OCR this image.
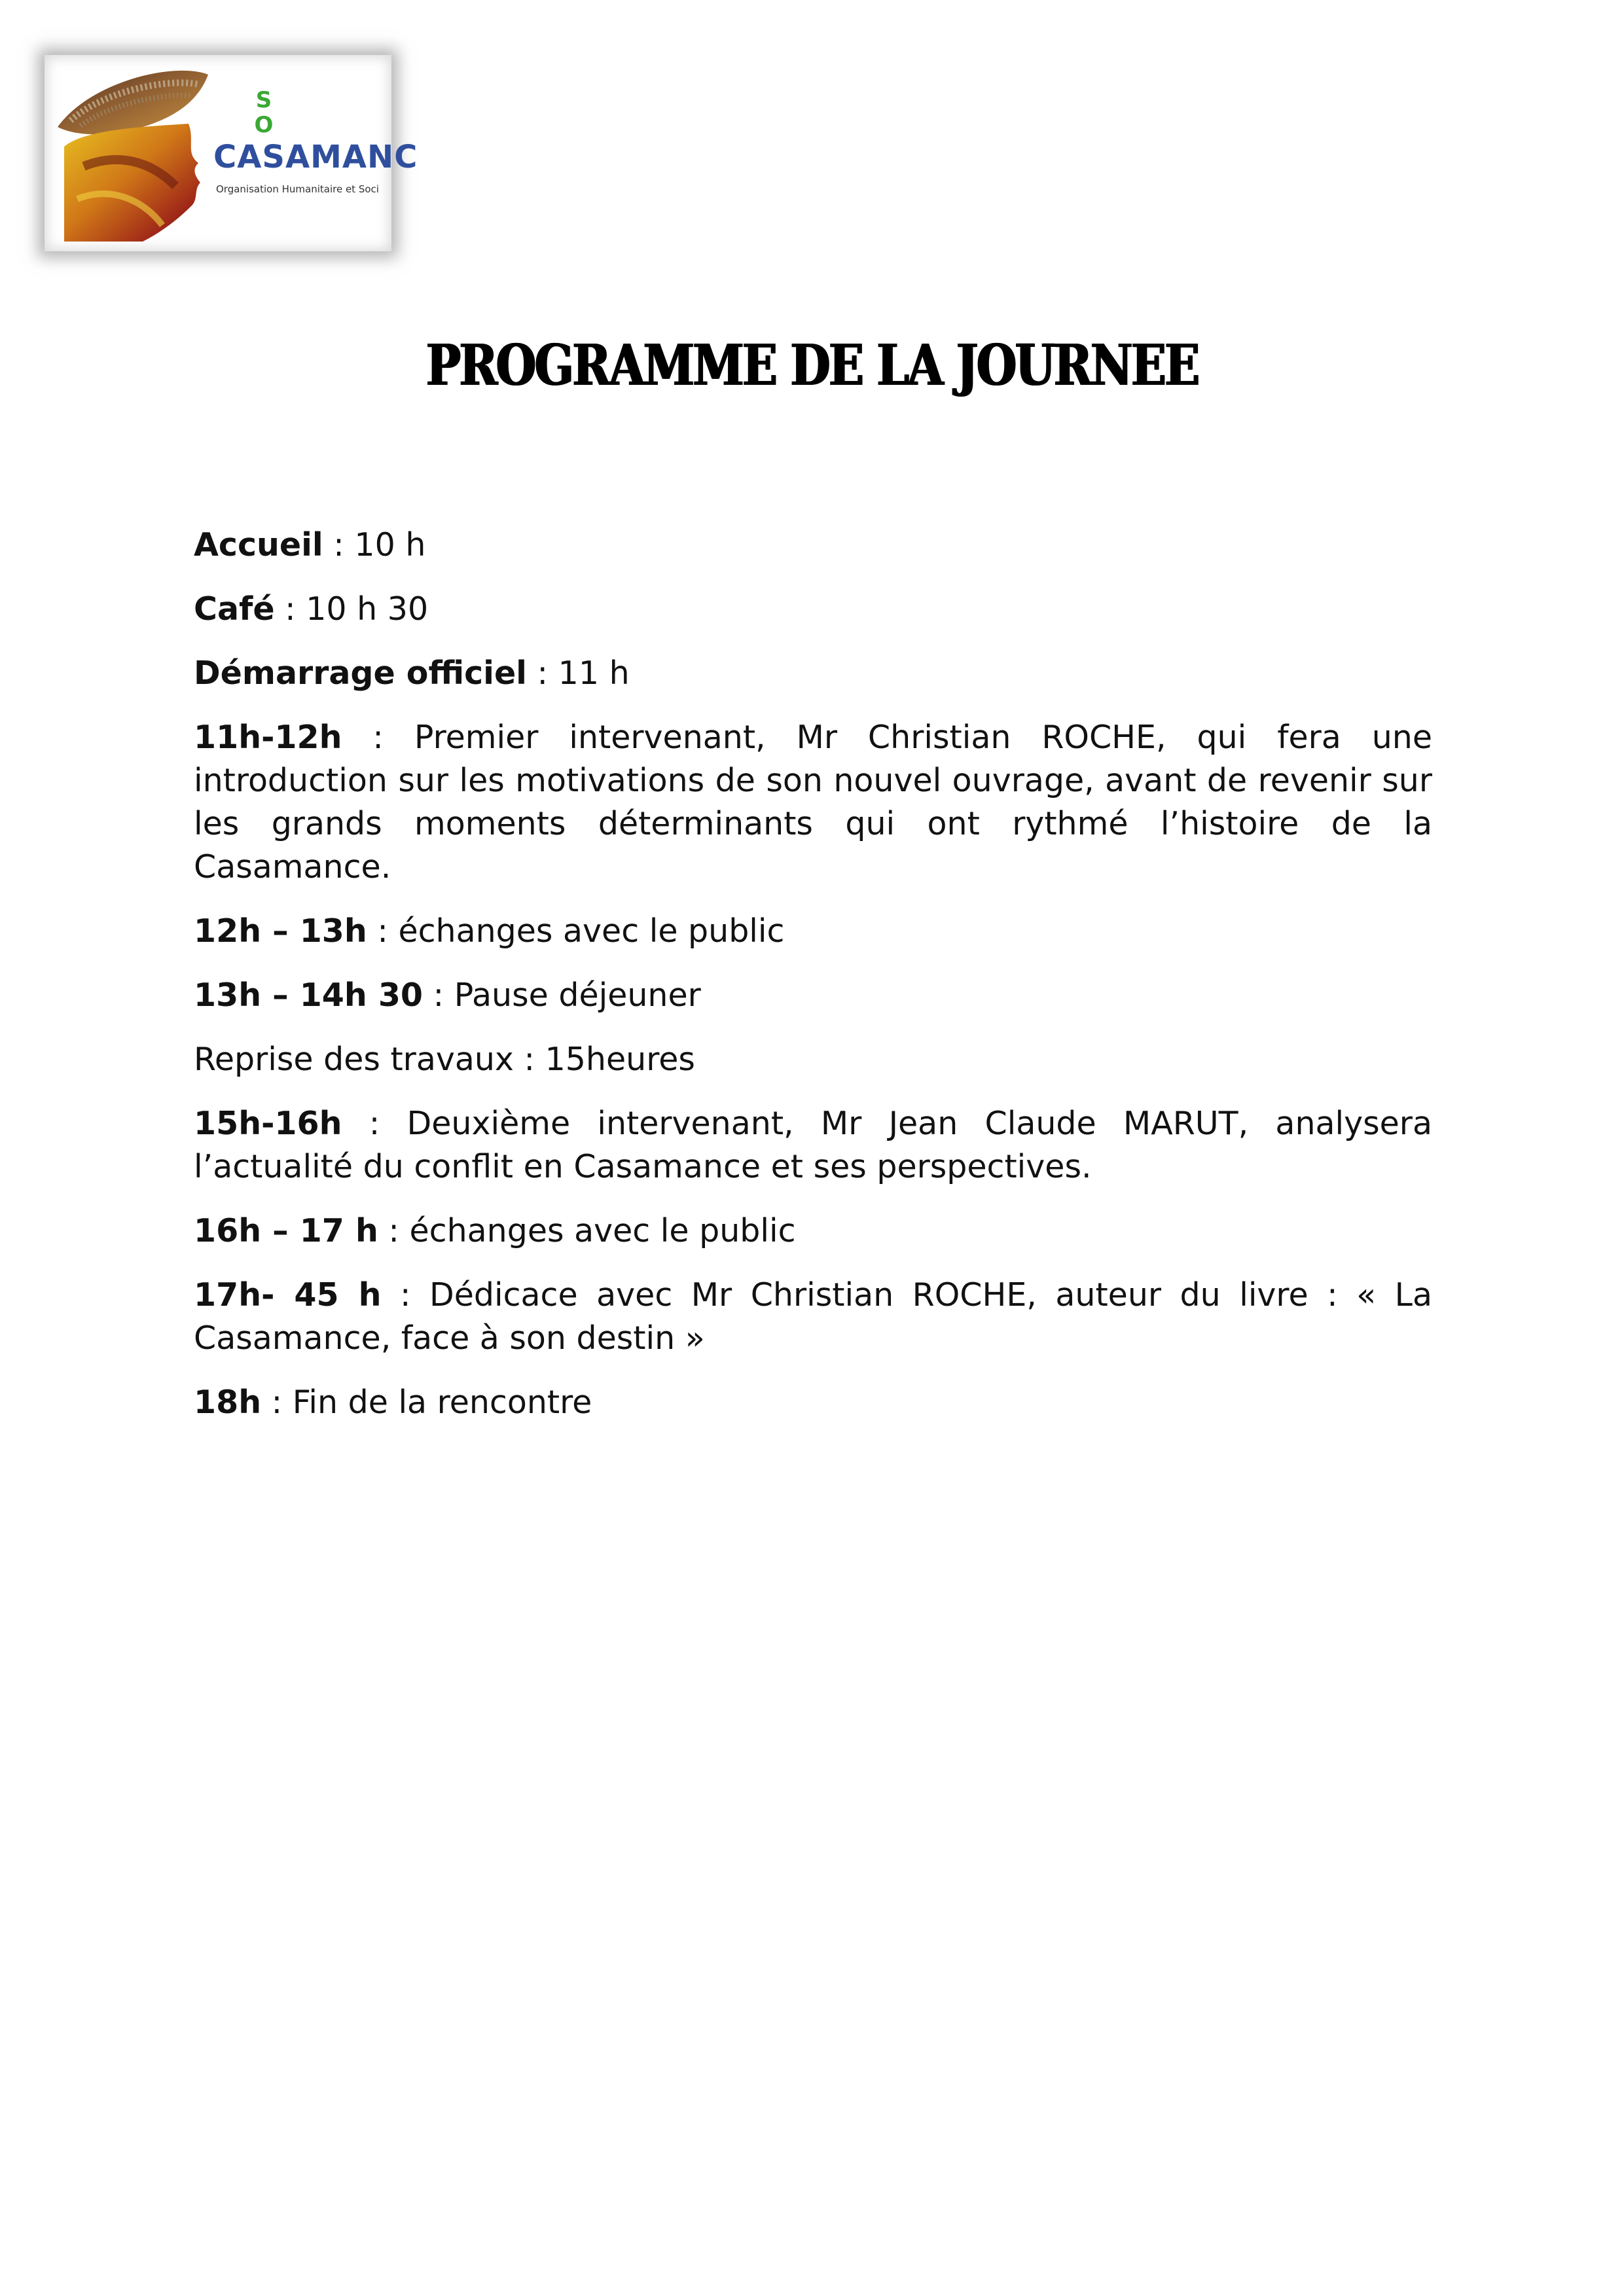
S
O
CASAMANC
Organisation Humanitaire et Soci
PROGRAMME DE LA JOURNEE

Accueil : 10 h

Café : 10 h 30

Démarrage officiel : 11 h

11h-12h : Premier intervenant, Mr Christian ROCHE, qui fera une introduction sur les motivations de son nouvel ouvrage, avant de revenir sur les grands moments déterminants qui ont rythmé l’histoire de la Casamance.

12h – 13h : échanges avec le public

13h – 14h 30 : Pause déjeuner

Reprise des travaux : 15heures

15h-16h : Deuxième intervenant, Mr Jean Claude MARUT, analysera l’actualité du conflit en Casamance et ses perspectives.

16h – 17 h : échanges avec le public

17h- 45 h : Dédicace avec Mr Christian ROCHE, auteur du livre : « La Casamance, face à son destin »

18h : Fin de la rencontre
